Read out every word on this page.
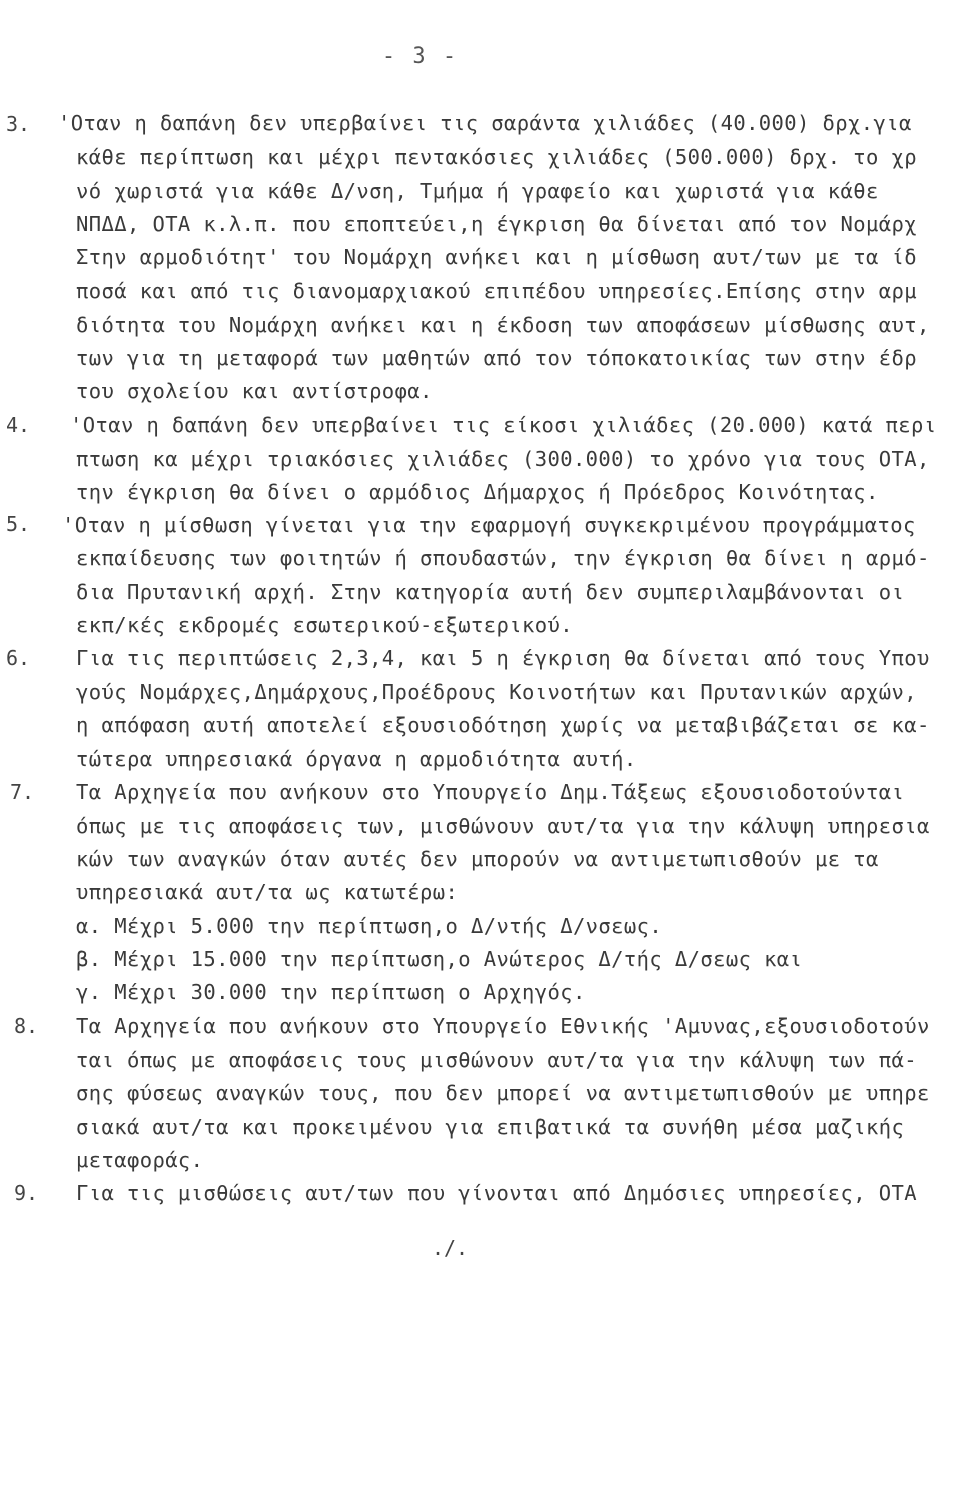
- 3 -
3. 'Οταν η δαπάνη δεν υπερβαίνει τις σαράντα χιλιάδες (40.000) δρχ.για
κάθε περίπτωση και μέχρι πεντακόσιες χιλιάδες (500.000) δρχ. το χρ
νό χωριστά για κάθε Δ/νση, Τμήμα ή γραφείο και χωριστά για κάθε
ΝΠΔΔ, ΟΤΑ κ.λ.π. που εποπτεύει,η έγκριση θα δίνεται από τον Νομάρχ
Στην αρμοδιότητ' του Νομάρχη ανήκει και η μίσθωση αυτ/των με τα ίδ
ποσά και από τις διανομαρχιακού επιπέδου υπηρεσίες.Επίσης στην αρμ
διότητα του Νομάρχη ανήκει και η έκδοση των αποφάσεων μίσθωσης αυτ,
των για τη μεταφορά των μαθητών από τον τόποκατοικίας των στην έδρ
του σχολείου και αντίστροφα.
4. 'Οταν η δαπάνη δεν υπερβαίνει τις είκοσι χιλιάδες (20.000) κατά περι
πτωση κα μέχρι τριακόσιες χιλιάδες (300.000) το χρόνο για τους ΟΤΑ,
την έγκριση θα δίνει ο αρμόδιος Δήμαρχος ή Πρόεδρος Κοινότητας.
5. 'Οταν η μίσθωση γίνεται για την εφαρμογή συγκεκριμένου προγράμματος
εκπαίδευσης των φοιτητών ή σπουδαστών, την έγκριση θα δίνει η αρμό-
δια Πρυτανική αρχή. Στην κατηγορία αυτή δεν συμπεριλαμβάνονται οι
εκπ/κές εκδρομές εσωτερικού-εξωτερικού.
6. Για τις περιπτώσεις 2,3,4, και 5 η έγκριση θα δίνεται από τους Υπου
γούς Νομάρχες,Δημάρχους,Προέδρους Κοινοτήτων και Πρυτανικών αρχών,
η απόφαση αυτή αποτελεί εξουσιοδότηση χωρίς να μεταβιβάζεται σε κα-
τώτερα υπηρεσιακά όργανα η αρμοδιότητα αυτή.
7. Τα Αρχηγεία που ανήκουν στο Υπουργείο Δημ.Τάξεως εξουσιοδοτούνται
όπως με τις αποφάσεις των, μισθώνουν αυτ/τα για την κάλυψη υπηρεσια
κών των αναγκών όταν αυτές δεν μπορούν να αντιμετωπισθούν με τα
υπηρεσιακά αυτ/τα ως κατωτέρω:
α. Μέχρι 5.000 την περίπτωση,ο Δ/ντής Δ/νσεως.
β. Μέχρι 15.000 την περίπτωση,ο Ανώτερος Δ/τής Δ/σεως και
γ. Μέχρι 30.000 την περίπτωση ο Αρχηγός.
8. Τα Αρχηγεία που ανήκουν στο Υπουργείο Εθνικής 'Αμυνας,εξουσιοδοτούν
ται όπως με αποφάσεις τους μισθώνουν αυτ/τα για την κάλυψη των πά-
σης φύσεως αναγκών τους, που δεν μπορεί να αντιμετωπισθούν με υπηρε
σιακά αυτ/τα και προκειμένου για επιβατικά τα συνήθη μέσα μαζικής
μεταφοράς.
9. Για τις μισθώσεις αυτ/των που γίνονται από Δημόσιες υπηρεσίες, ΟΤΑ
./.
